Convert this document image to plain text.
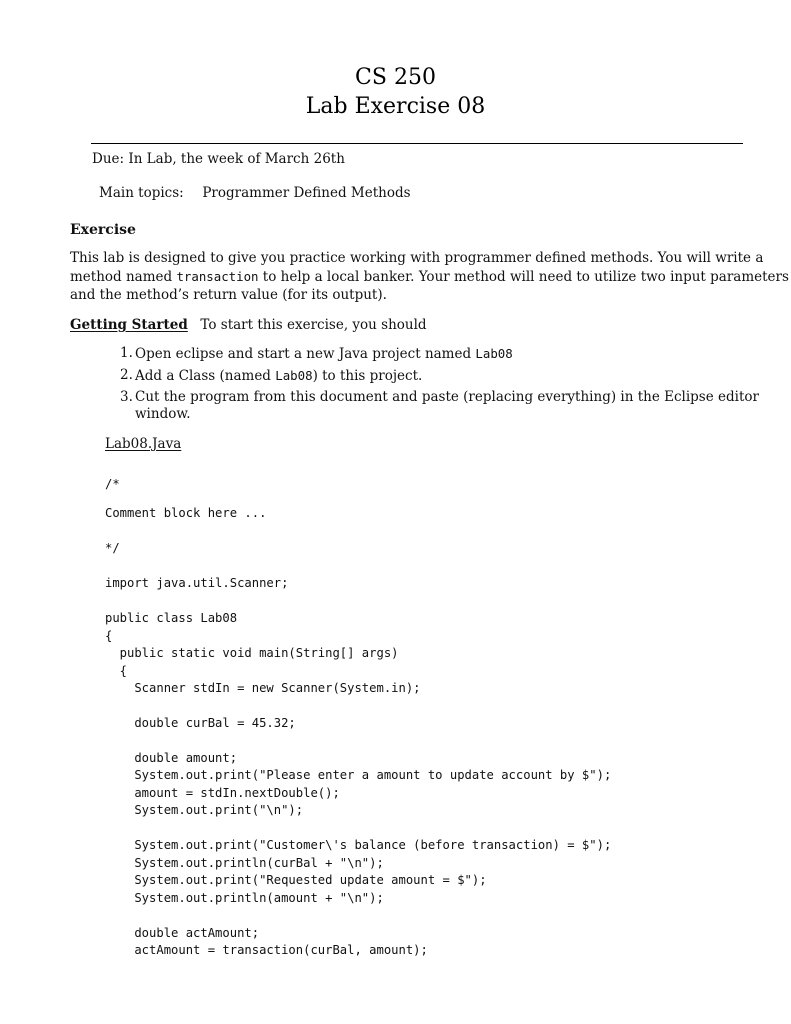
CS 250
Lab Exercise 08
Due: In Lab, the week of March 26th
Main topics: Programmer Defined Methods
Exercise
This lab is designed to give you practice working with programmer defined methods. You will write a
method named transaction to help a local banker. Your method will need to utilize two input parameters
and the method’s return value (for its output).
Getting Started To start this exercise, you should
1. Open eclipse and start a new Java project named Lab08
2. Add a Class (named Lab08) to this project.
3. Cut the program from this document and paste (replacing everything) in the Eclipse editor
window.
Lab08.Java
/*
Comment block here ...
*/
import java.util.Scanner;
public class Lab08
{
public static void main(String[] args)
{
Scanner stdIn = new Scanner(System.in);
double curBal = 45.32;
double amount;
System.out.print("Please enter a amount to update account by $");
amount = stdIn.nextDouble();
System.out.print("\n");
System.out.print("Customer\'s balance (before transaction) = $");
System.out.println(curBal + "\n");
System.out.print("Requested update amount = $");
System.out.println(amount + "\n");
double actAmount;
actAmount = transaction(curBal, amount);
